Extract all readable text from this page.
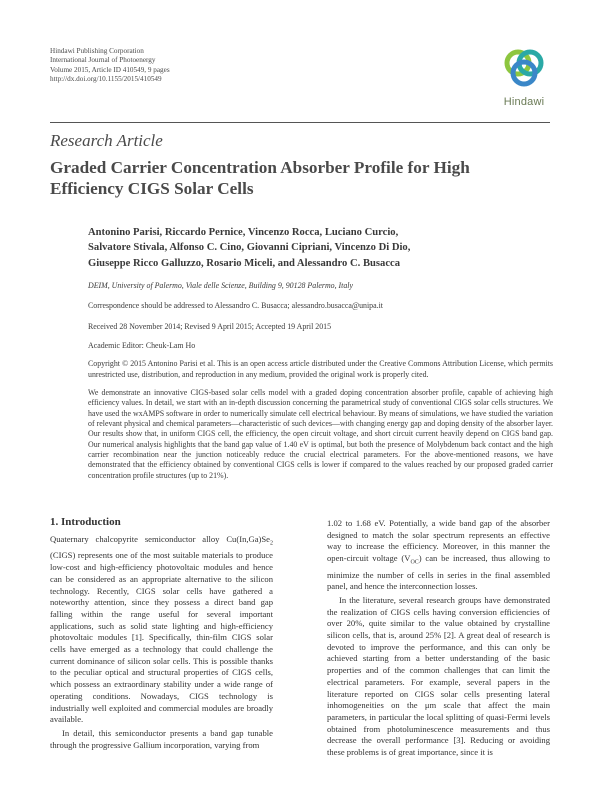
Hindawi Publishing Corporation
International Journal of Photoenergy
Volume 2015, Article ID 410549, 9 pages
http://dx.doi.org/10.1155/2015/410549
Hindawi
Research Article
Graded Carrier Concentration Absorber Profile for High Efficiency CIGS Solar Cells
Antonino Parisi, Riccardo Pernice, Vincenzo Rocca, Luciano Curcio,
Salvatore Stivala, Alfonso C. Cino, Giovanni Cipriani, Vincenzo Di Dio,
Giuseppe Ricco Galluzzo, Rosario Miceli, and Alessandro C. Busacca
DEIM, University of Palermo, Viale delle Scienze, Building 9, 90128 Palermo, Italy
Correspondence should be addressed to Alessandro C. Busacca; alessandro.busacca@unipa.it
Received 28 November 2014; Revised 9 April 2015; Accepted 19 April 2015
Academic Editor: Cheuk-Lam Ho
Copyright © 2015 Antonino Parisi et al. This is an open access article distributed under the Creative Commons Attribution License, which permits unrestricted use, distribution, and reproduction in any medium, provided the original work is properly cited.
We demonstrate an innovative CIGS-based solar cells model with a graded doping concentration absorber profile, capable of achieving high efficiency values. In detail, we start with an in-depth discussion concerning the parametrical study of conventional CIGS solar cells structures. We have used the wxAMPS software in order to numerically simulate cell electrical behaviour. By means of simulations, we have studied the variation of relevant physical and chemical parameters—characteristic of such devices—with changing energy gap and doping density of the absorber layer. Our results show that, in uniform CIGS cell, the efficiency, the open circuit voltage, and short circuit current heavily depend on CIGS band gap. Our numerical analysis highlights that the band gap value of 1.40 eV is optimal, but both the presence of Molybdenum back contact and the high carrier recombination near the junction noticeably reduce the crucial electrical parameters. For the above-mentioned reasons, we have demonstrated that the efficiency obtained by conventional CIGS cells is lower if compared to the values reached by our proposed graded carrier concentration profile structures (up to 21%).
1. Introduction

Quaternary chalcopyrite semiconductor alloy $Cu(In,Ga)Se_2$ (CIGS) represents one of the most suitable materials to produce low-cost and high-efficiency photovoltaic modules and hence can be considered as an appropriate alternative to the silicon technology. Recently, CIGS solar cells have gathered a noteworthy attention, since they possess a direct band gap falling within the range useful for several important applications, such as solid state lighting and high-efficiency photovoltaic modules [1]. Specifically, thin-film CIGS solar cells have emerged as a technology that could challenge the current dominance of silicon solar cells. This is possible thanks to the peculiar optical and structural properties of CIGS cells, which possess an extraordinary stability under a wide range of operating conditions. Nowadays, CIGS technology is industrially well exploited and commercial modules are broadly available.

In detail, this semiconductor presents a band gap tunable through the progressive Gallium incorporation, varying from

1.02 to 1.68 eV. Potentially, a wide band gap of the absorber designed to match the solar spectrum represents an effective way to increase the efficiency. Moreover, in this manner the open-circuit voltage $(V_{OC})$ can be increased, thus allowing to minimize the number of cells in series in the final assembled panel, and hence the interconnection losses.

In the literature, several research groups have demonstrated the realization of CIGS cells having conversion efficiencies of over 20%, quite similar to the value obtained by crystalline silicon cells, that is, around 25% [2]. A great deal of research is devoted to improve the performance, and this can only be achieved starting from a better understanding of the basic properties and of the common challenges that can limit the electrical parameters. For example, several papers in the literature reported on CIGS solar cells presenting lateral inhomogeneities on the μm scale that affect the main parameters, in particular the local splitting of quasi-Fermi levels obtained from photoluminescence measurements and thus decrease the overall performance [3]. Reducing or avoiding these problems is of great importance, since it is
